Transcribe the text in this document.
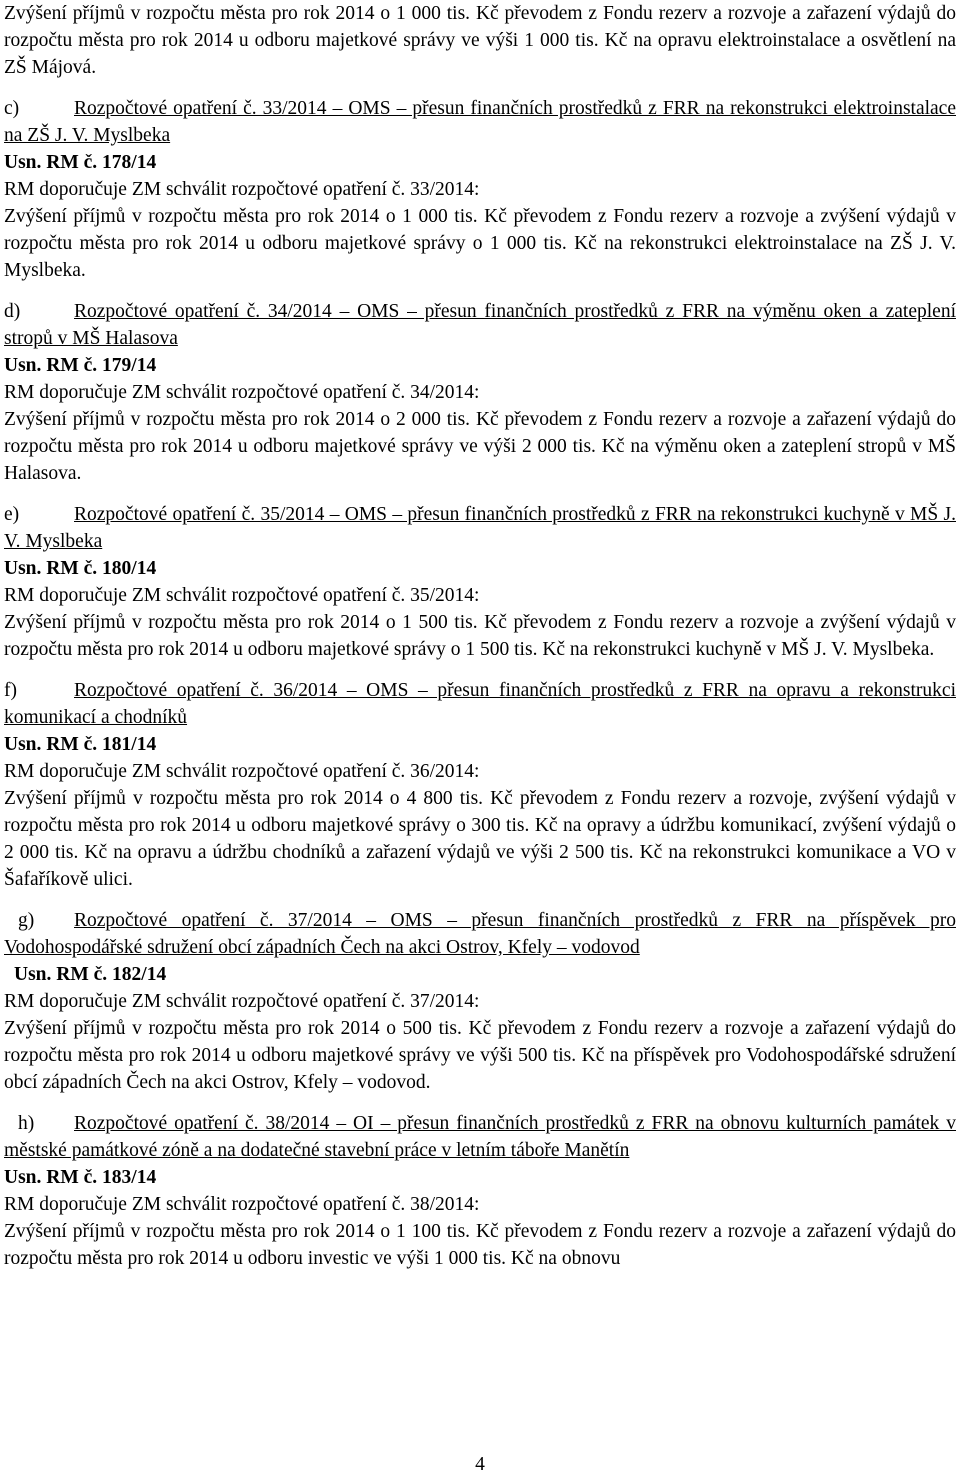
Zvýšení příjmů v rozpočtu města pro rok 2014 o 1 000 tis. Kč převodem z Fondu rezerv a rozvoje a zařazení výdajů do rozpočtu města pro rok 2014 u odboru majetkové správy ve výši 1 000 tis. Kč na opravu elektroinstalace a osvětlení na ZŠ Májová.

c)	Rozpočtové opatření č. 33/2014 – OMS – přesun finančních prostředků z FRR na rekonstrukci elektroinstalace na ZŠ J. V. Myslbeka

Usn. RM č. 178/14

RM doporučuje ZM schválit rozpočtové opatření č. 33/2014:

Zvýšení příjmů v rozpočtu města pro rok 2014 o 1 000 tis. Kč převodem z Fondu rezerv a rozvoje a zvýšení výdajů v rozpočtu města pro rok 2014 u odboru majetkové správy o 1 000 tis. Kč na rekonstrukci elektroinstalace na ZŠ J. V. Myslbeka.

d)	Rozpočtové opatření č. 34/2014 – OMS – přesun finančních prostředků z FRR na výměnu oken a zateplení stropů v MŠ Halasova

Usn. RM č. 179/14

RM doporučuje ZM schválit rozpočtové opatření č. 34/2014:

Zvýšení příjmů v rozpočtu města pro rok 2014 o 2 000 tis. Kč převodem z Fondu rezerv a rozvoje a zařazení výdajů do rozpočtu města pro rok 2014 u odboru majetkové správy ve výši 2 000 tis. Kč na výměnu oken a zateplení stropů v MŠ Halasova.

e)	Rozpočtové opatření č. 35/2014 – OMS – přesun finančních prostředků z FRR na rekonstrukci kuchyně v MŠ J. V. Myslbeka

Usn. RM č. 180/14

RM doporučuje ZM schválit rozpočtové opatření č. 35/2014:

Zvýšení příjmů v rozpočtu města pro rok 2014 o 1 500 tis. Kč převodem z Fondu rezerv a rozvoje a zvýšení výdajů v rozpočtu města pro rok 2014 u odboru majetkové správy o 1 500 tis. Kč na rekonstrukci kuchyně v MŠ J. V. Myslbeka.

f)	Rozpočtové opatření č. 36/2014 – OMS – přesun finančních prostředků z FRR na opravu a rekonstrukci komunikací a chodníků

Usn. RM č. 181/14

RM doporučuje ZM schválit rozpočtové opatření č. 36/2014:

Zvýšení příjmů v rozpočtu města pro rok 2014 o 4 800 tis. Kč převodem z Fondu rezerv a rozvoje, zvýšení výdajů v rozpočtu města pro rok 2014 u odboru majetkové správy o 300 tis. Kč na opravy a údržbu komunikací, zvýšení výdajů o 2 000 tis. Kč na opravu a údržbu chodníků a zařazení výdajů ve výši 2 500 tis. Kč na rekonstrukci komunikace a VO v Šafaříkově ulici.

g) Rozpočtové opatření č. 37/2014 – OMS – přesun finančních prostředků z FRR na příspěvek pro Vodohospodářské sdružení obcí západních Čech na akci Ostrov, Kfely – vodovod

Usn. RM č. 182/14

RM doporučuje ZM schválit rozpočtové opatření č. 37/2014:

Zvýšení příjmů v rozpočtu města pro rok 2014 o 500 tis. Kč převodem z Fondu rezerv a rozvoje a zařazení výdajů do rozpočtu města pro rok 2014 u odboru majetkové správy ve výši 500 tis. Kč na příspěvek pro Vodohospodářské sdružení obcí západních Čech na akci Ostrov, Kfely – vodovod.

h) Rozpočtové opatření č. 38/2014 – OI – přesun finančních prostředků z FRR na obnovu kulturních památek v městské památkové zóně a na dodatečné stavební práce v letním táboře Manětín

Usn. RM č. 183/14

RM doporučuje ZM schválit rozpočtové opatření č. 38/2014:

Zvýšení příjmů v rozpočtu města pro rok 2014 o 1 100 tis. Kč převodem z Fondu rezerv a rozvoje a zařazení výdajů do rozpočtu města pro rok 2014 u odboru investic ve výši 1 000 tis. Kč na obnovu

4
